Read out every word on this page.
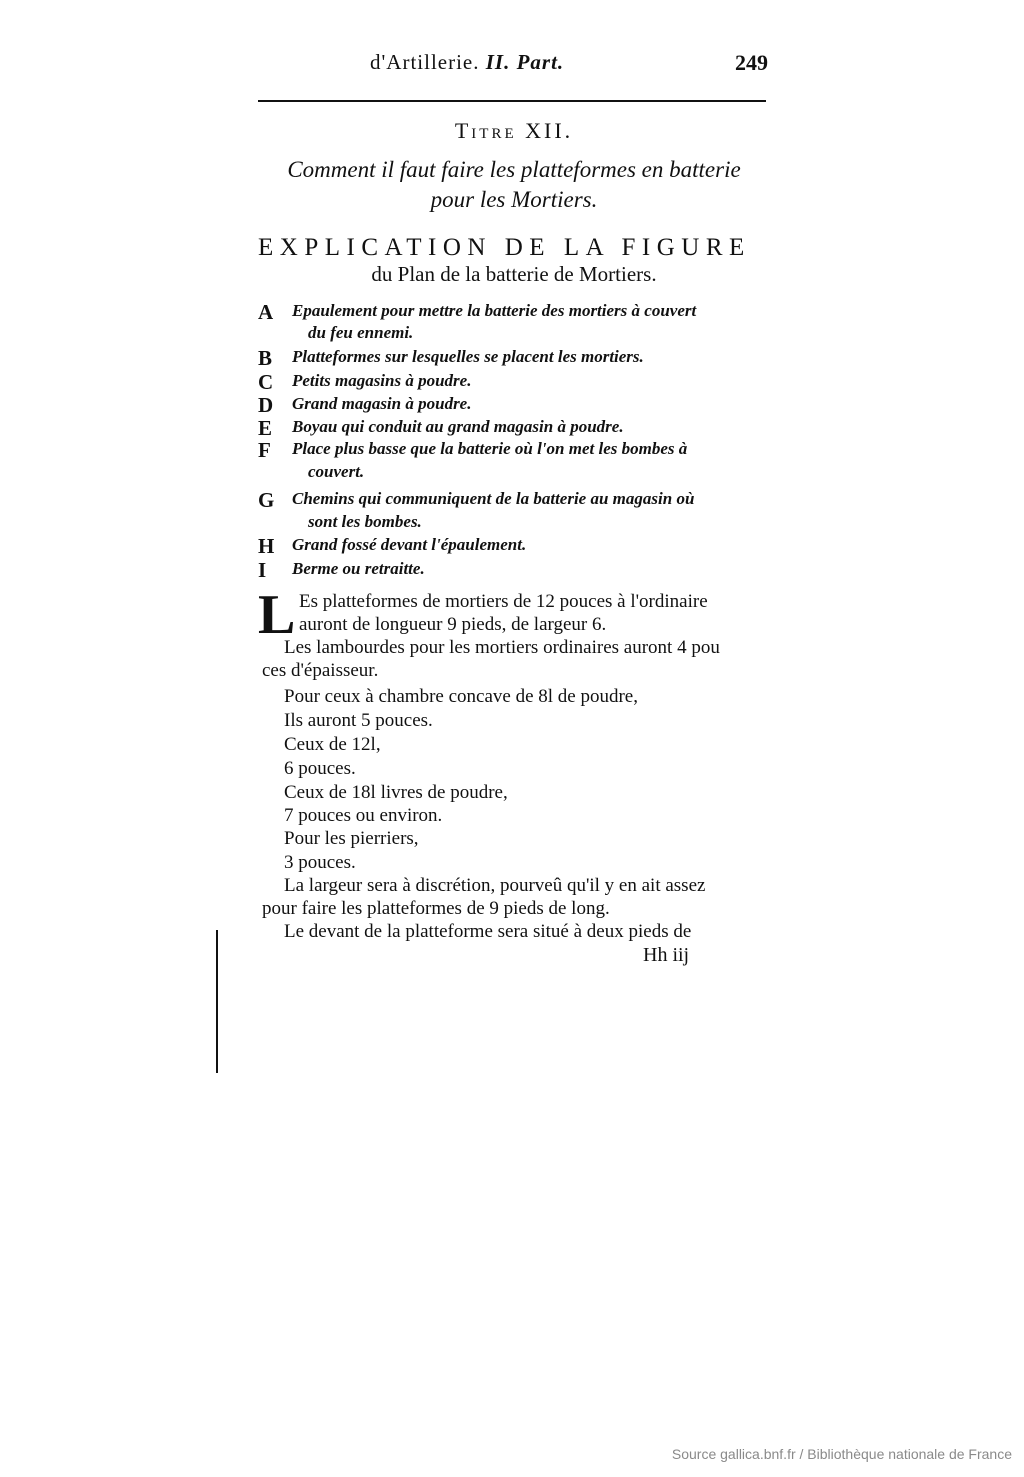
d'Artillerie. II. Part.	249
Titre XII.
Comment il faut faire les platteformes en batterie
pour les Mortiers.
EXPLICATION DE LA FIGURE
du Plan de la batterie de Mortiers.
A Epaulement pour mettre la batterie des mortiers à couvert
du feu ennemi.
B Platteformes sur lesquelles se placent les mortiers.
C Petits magasins à poudre.
D Grand magasin à poudre.
E Boyau qui conduit au grand magasin à poudre.
F Place plus basse que la batterie où l'on met les bombes à
couvert.
G Chemins qui communiquent de la batterie au magasin où
sont les bombes.
H Grand fossé devant l'épaulement.
I Berme ou retraitte.
L Es platteformes de mortiers de 12 pouces à l'ordinaire
auront de longueur 9 pieds, de largeur 6.
Les lambourdes pour les mortiers ordinaires auront 4 pou
ces d'épaisseur.
Pour ceux à chambre concave de 8l de poudre,
Ils auront 5 pouces.
Ceux de 12l,
6 pouces.
Ceux de 18l livres de poudre,
7 pouces ou environ.
Pour les pierriers,
3 pouces.
La largeur sera à discrétion, pourveû qu'il y en ait assez
pour faire les platteformes de 9 pieds de long.
Le devant de la platteforme sera situé à deux pieds de
Hh iij
Source gallica.bnf.fr / Bibliothèque nationale de France
